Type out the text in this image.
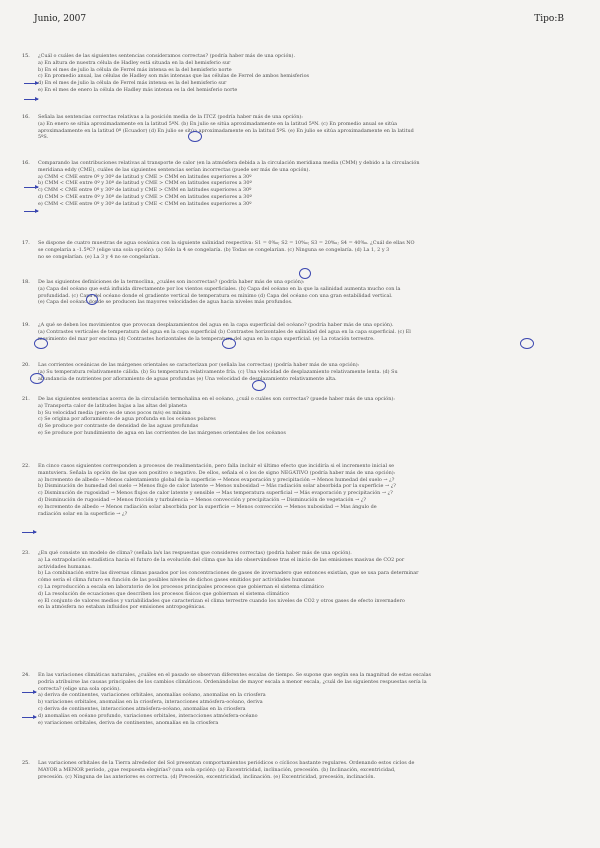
Junio, 2007	Tipo:B
15. ¿Cuál o cuáles de las siguientes sentencias consideramos correctas? (podría haber más de una opción).
a) En altura de nuestra célula de Hadley está situada en la del hemisferio sur
b) En el mes de julio la célula de Ferrel más intensa es la del hemisferio norte
c) En promedio anual, las células de Hadley son más intensas que las células de Ferrel de ambos hemisferios
d) En el mes de julio la célula de Ferrel más intensa es la del hemisferio sur
e) En el mes de enero la célula de Hadley más intensa es la del hemisferio norte
16. Señala las sentencias correctas relativas a la posición media de la ITCZ (podría haber más de una opción):
(a) En enero se sitúa aproximadamente en la latitud 5ºN. (b) En julio se sitúa aproximadamente en la latitud 5ºN. (c) En promedio anual se sitúa
aproximadamente en la latitud 0º (Ecuador) (d) En julio se sitúa aproximadamente en la latitud 5ºS. (e) En julio se sitúa aproximadamente en la latitud
5ºS.
16. Comparando las contribuciones relativas al transporte de calor (en la atmósfera debida a la circulación meridiana media (CMM) y debido a la circulación
meridiana eddy (CME), cuáles de las siguientes sentencias serían incorrectas (puede ser más de una opción).
a) CMM < CME entre 0º y 30º de latitud y CME > CMM en latitudes superiores a 30º
b) CMM < CME entre 0º y 30º de latitud y CME > CMM en latitudes superiores a 30º
c) CMM < CME entre 0º y 30º de latitud y CME > CMM en latitudes superiores a 30º
d) CMM > CME entre 0º y 30º de latitud y CME > CMM en latitudes superiores a 30º
e) CMM < CME entre 0º y 30º de latitud y CME < CMM en latitudes superiores a 30º
17. Se dispone de cuatro muestras de agua oceánica con la siguiente salinidad respectiva: S1 = 0‰; S2 = 10‰; S3 = 20‰; S4 = 40‰. ¿Cuál de ellas NO
se congelaría a -1.5ºC? (elige una sola opción): (a) Sólo la 4 se congelaría. (b) Todas se congelarían. (c) Ninguna se congelaría. (d) La 1, 2 y 3
no se congelarían. (e) La 3 y 4 no se congelarían.
18. De las siguientes definiciones de la termoclina, ¿cuáles son incorrectas? (podría haber más de una opción):
(a) Capa del océano que está influida directamente por los vientos superficiales. (b) Capa del océano en la que la salinidad aumenta mucho con la
profundidad. (c) Capa del océano donde el gradiente vertical de temperatura es mínimo (d) Capa del océano con una gran estabilidad vertical.
(e) Capa del océano donde se producen las mayores velocidades de agua hacia niveles más profundos.
19. ¿A qué se deben los movimientos que provocan desplazamientos del agua en la capa superficial del océano? (podría haber más de una opción).
(a) Contrastes verticales de temperatura del agua en la capa superficial (b) Contrastes horizontales de salinidad del agua en la capa superficial. (c) El
movimiento del mar por encima (d) Contrastes horizontales de la temperatura del agua en la capa superficial. (e) La rotación terrestre.
20. Las corrientes oceánicas de las márgenes orientales se caracterizan por (señala las correctas) (podría haber más de una opción):
(a) Su temperatura relativamente cálida. (b) Su temperatura relativamente fría. (c) Una velocidad de desplazamiento relativamente lenta. (d) Su
abundancia de nutrientes por afloramiento de aguas profundas (e) Una velocidad de desplazamiento relativamente alta.
21. De las siguientes sentencias acerca de la circulación termohalina en el océano, ¿cuál o cuáles son correctas? (puede haber más de una opción):
a) Transporta calor de latitudes bajas a las altas del planeta
b) Su velocidad media (pero es de unos pocos m/s) es mínima
c) Se origina por afloramiento de agua profunda en los océanos polares
d) Se produce por contraste de densidad de las aguas profundas
e) Se produce por hundimiento de agua en las corrientes de las márgenes orientales de los océanos
22. En cinco casos siguientes corresponden a procesos de realimentación, pero falla incluir el último efecto que incidiría si el incremento inicial se
mantuviera. Señala la opción de las que son positivo o negativo. De ellos, señala el o los de signo NEGATIVO (podría haber más de una opción):
a) Incremento de albedo → Menos calentamiento global de la superficie → Menos evaporación y precipitación → Menos humedad del suelo → ¿?
b) Disminución de humedad del suelo → Menos flujo de calor latente → Menos nubosidad → Más radiación solar absorbida por la superficie → ¿?
c) Disminución de rugosidad → Menos flujos de calor latente y sensible → Mas temperatura superficial → Más evaporación y precipitación → ¿?
d) Disminución de rugosidad → Menos fricción y turbulencia → Menos convección y precipitación → Disminución de vegetación → ¿?
e) Incremento de albedo → Menos radiación solar absorbida por la superficie → Menos convección → Menos nubosidad → Mas ángulo de
radiación solar en la superficie → ¿?
23. ¿En qué consiste un modelo de clima? (señala la/s las respuestas que consideres correctas) (podría haber más de una opción).
a) La extrapolación estadística hacia el futuro de la evolución del clima que ha ido observándose tras el inicio de las emisiones masivas de CO2 por
actividades humanas.
b) La combinación entre las diversas climas pasados por los concentraciones de gases de invernadero que entonces existían, que se usa para determinar
cómo sería el clima futuro en función de las posibles niveles de dichos gases emitidos por actividades humanas
c) La reproducción a escala en laboratorio de los procesos principales procesos que gobiernan el sistema climático
d) La resolución de ecuaciones que describen los procesos físicos que gobiernan el sistema climático
e) El conjunto de valores medios y variabilidades que caracterizan el clima terrestre cuando los niveles de CO2 y otros gases de efecto invernadero
en la atmósfera no estaban influidos por emisiones antropogénicas.
24. En las variaciones climáticas naturales, ¿cuáles en el pasado se observan diferentes escalas de tiempo. Se supone que según sea la magnitud de estas escalas
podría atribuirse las causas principales de los cambios climáticos. Ordenándolas de mayor escala a menor escala, ¿cuál de las siguientes respuestas sería la
correcta? (elige una sola opción).
a) deriva de continentes, variaciones orbitales, anomalías océano, anomalías en la criosfera
b) variaciones orbitales, anomalías en la criosfera, interacciones atmósfera-océano, deriva
c) deriva de continentes, interacciones atmósfera-océano, anomalías en la criosfera
d) anomalías en océano profundo, variaciones orbitales, interacciones atmósfera-océano
e) variaciones orbitales, deriva de continentes, anomalías en la criosfera
25. Las variaciones orbitales de la Tierra alrededor del Sol presentan comportamientos periódicos o cíclicos bastante regulares. Ordenando estos ciclos de
MAYOR a MENOR período, ¿que respuesta elegirías? (una sola opción): (a) Excentricidad, inclinación, precesión. (b) Inclinación, excentricidad,
precesión. (c) Ninguna de las anteriores es correcta. (d) Precesión, excentricidad, inclinación. (e) Excentricidad, precesión, inclinación.
